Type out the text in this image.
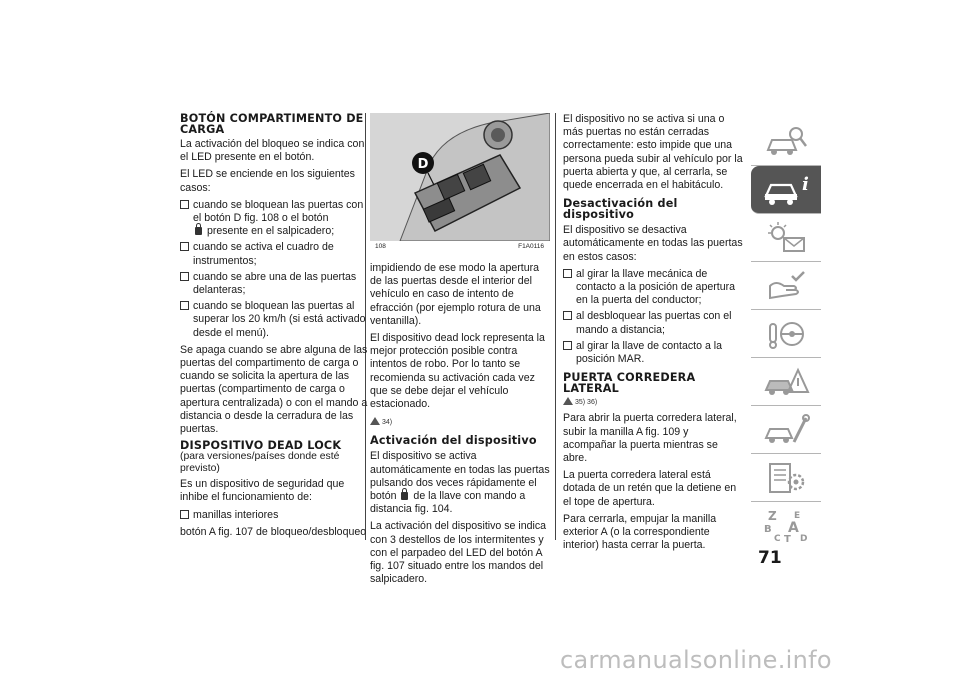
BOTÓN COMPARTIMENTO DE CARGA

La activación del bloqueo se indica con el LED presente en el botón.

El LED se enciende en los siguientes casos:

cuando se bloquean las puertas con el botón D fig. 108 o el botón
presente en el salpicadero;
cuando se activa el cuadro de instrumentos;
cuando se abre una de las puertas delanteras;
cuando se bloquean las puertas al superar los 20 km/h (si está activado desde el menú).

Se apaga cuando se abre alguna de las puertas del compartimento de carga o cuando se solicita la apertura de las puertas (compartimento de carga o apertura centralizada) o con el mando a distancia o desde la cerradura de las puertas.

DISPOSITIVO DEAD LOCK
(para versiones/países donde esté previsto)

Es un dispositivo de seguridad que inhibe el funcionamiento de:

manillas interiores

botón A fig. 107 de bloqueo/desbloqueo

D
108	F1A0116

impidiendo de ese modo la apertura de las puertas desde el interior del vehículo en caso de intento de efracción (por ejemplo rotura de una ventanilla).

El dispositivo dead lock representa la mejor protección posible contra intentos de robo. Por lo tanto se recomienda su activación cada vez que se debe dejar el vehículo estacionado.

34)
Activación del dispositivo

El dispositivo se activa automáticamente en todas las puertas pulsando dos veces rápidamente el botón de la llave con mando a distancia fig. 104.

La activación del dispositivo se indica con 3 destellos de los intermitentes y con el parpadeo del LED del botón A fig. 107 situado entre los mandos del salpicadero.

El dispositivo no se activa si una o más puertas no están cerradas correctamente: esto impide que una persona pueda subir al vehículo por la puerta abierta y que, al cerrarla, se quede encerrada en el habitáculo.

Desactivación del dispositivo

El dispositivo se desactiva automáticamente en todas las puertas en estos casos:

al girar la llave mecánica de contacto a la posición de apertura en la puerta del conductor;
al desbloquear las puertas con el mando a distancia;
al girar la llave de contacto a la posición MAR.
PUERTA CORREDERA LATERAL
35) 36)

Para abrir la puerta corredera lateral, subir la manilla A fig. 109 y acompañar la puerta mientras se abre.

La puerta corredera lateral está dotada de un retén que la detiene en el tope de apertura.

Para cerrarla, empujar la manilla exterior A (o la correspondiente interior) hasta cerrar la puerta.

i
Z E
B A
C T D
71
carmanualsonline.info
